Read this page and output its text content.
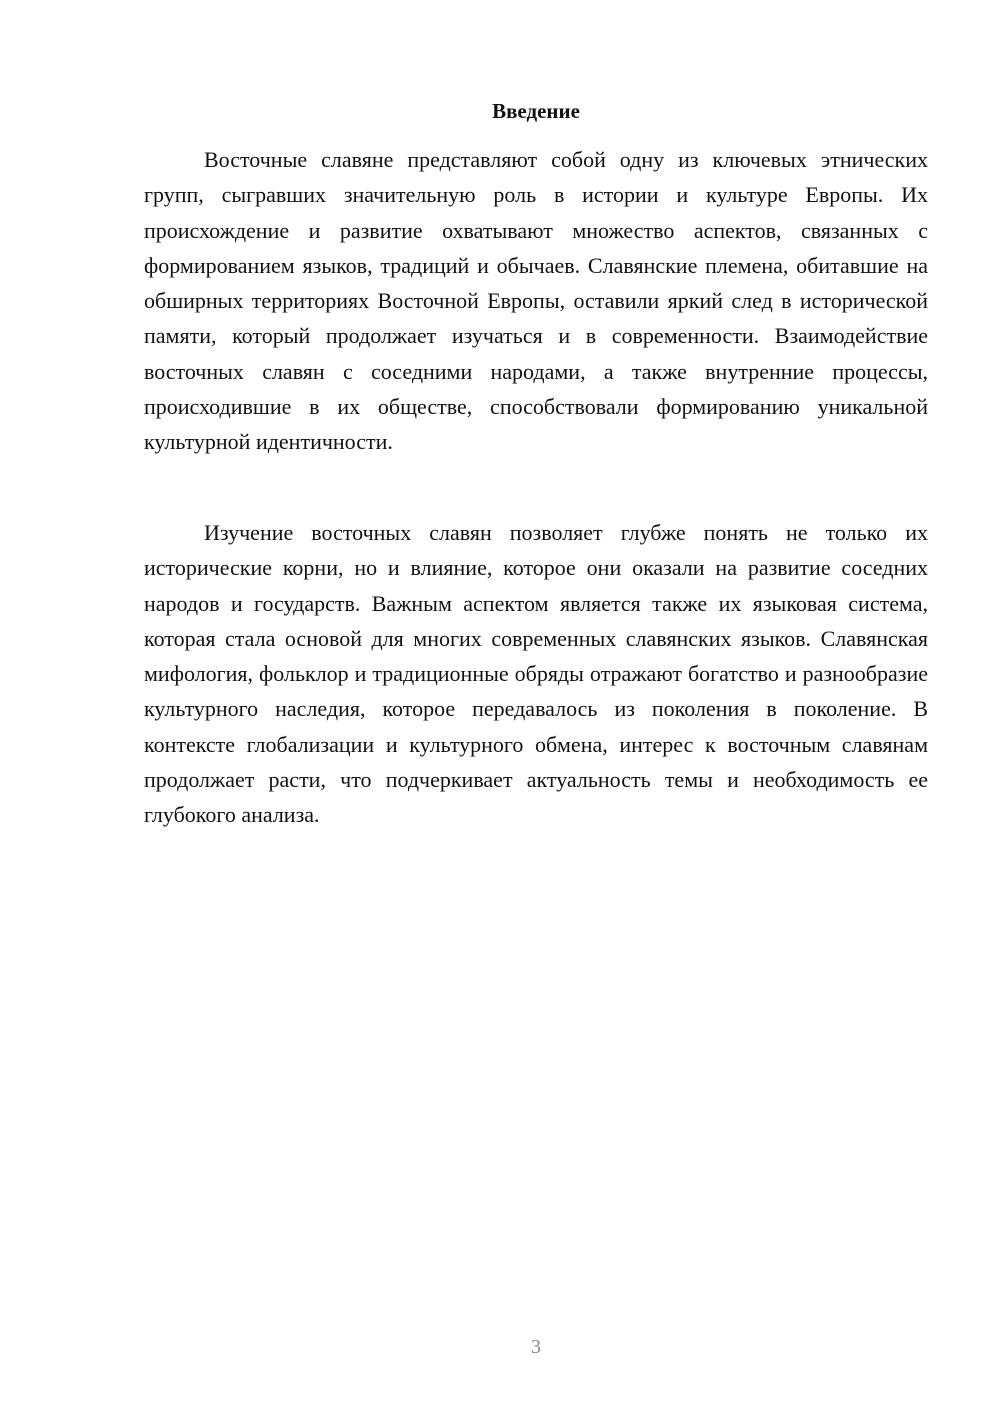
Введение

Восточные славяне представляют собой одну из ключевых этнических групп, сыгравших значительную роль в истории и культуре Европы. Их происхождение и развитие охватывают множество аспектов, связанных с формированием языков, традиций и обычаев. Славянские племена, обитавшие на обширных территориях Восточной Европы, оставили яркий след в исторической памяти, который продолжает изучаться и в современности. Взаимодействие восточных славян с соседними народами, а также внутренние процессы, происходившие в их обществе, способствовали формированию уникальной культурной идентичности.

Изучение восточных славян позволяет глубже понять не только их исторические корни, но и влияние, которое они оказали на развитие соседних народов и государств. Важным аспектом является также их языковая система, которая стала основой для многих современных славянских языков. Славянская мифология, фольклор и традиционные обряды отражают богатство и разнообразие культурного наследия, которое передавалось из поколения в поколение. В контексте глобализации и культурного обмена, интерес к восточным славянам продолжает расти, что подчеркивает актуальность темы и необходимость ее глубокого анализа.

3
